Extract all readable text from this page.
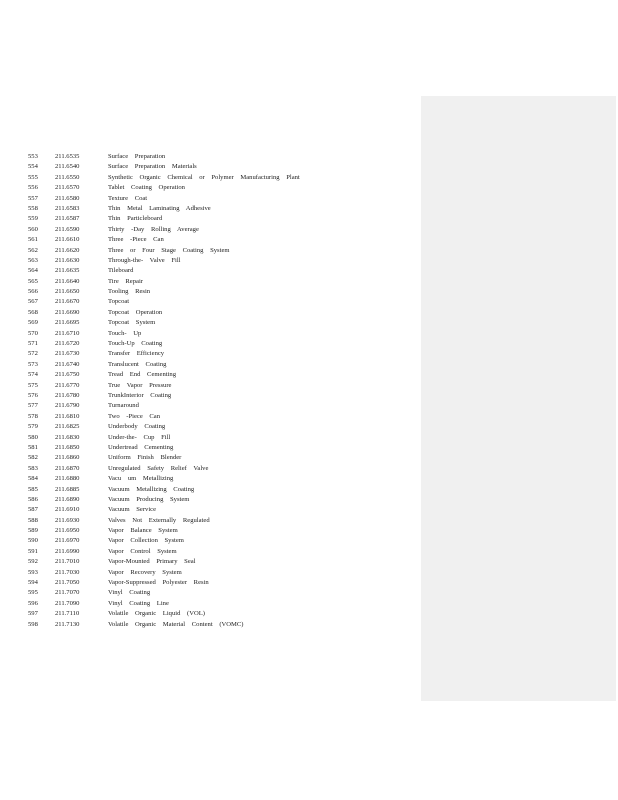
553	211.6535	Surface Preparation
554	211.6540	Surface Preparation Materials
555	211.6550	Synthetic Organic Chemical or Polymer Manufacturing Plant
556	211.6570	Tablet Coating Operation
557	211.6580	Texture Coat
558	211.6583	Thin Metal Laminating Adhesive
559	211.6587	Thin Particleboard
560	211.6590	Thirty -Day Rolling Average
561	211.6610	Three -Piece Can
562	211.6620	Three or Four Stage Coating System
563	211.6630	Through-the- Valve Fill
564	211.6635	Tileboard
565	211.6640	Tire Repair
566	211.6650	Tooling Resin
567	211.6670	Topcoat
568	211.6690	Topcoat Operation
569	211.6695	Topcoat System
570	211.6710	Touch- Up
571	211.6720	Touch-Up Coating
572	211.6730	Transfer Efficiency
573	211.6740	Translucent Coating
574	211.6750	Tread End Cementing
575	211.6770	True Vapor Pressure
576	211.6780	TrunkInterior Coating
577	211.6790	Turnaround
578	211.6810	Two -Piece Can
579	211.6825	Underbody Coating
580	211.6830	Under-the- Cup Fill
581	211.6850	Undertread Cementing
582	211.6860	Uniform Finish Blender
583	211.6870	Unregulated Safety Relief Valve
584	211.6880	Vacu um Metallizing
585	211.6885	Vacuum Metallizing Coating
586	211.6890	Vacuum Producing System
587	211.6910	Vacuum Service
588	211.6930	Valves Not Externally Regulated
589	211.6950	Vapor Balance System
590	211.6970	Vapor Collection System
591	211.6990	Vapor Control System
592	211.7010	Vapor-Mounted Primary Seal
593	211.7030	Vapor Recovery System
594	211.7050	Vapor-Suppressed Polyester Resin
595	211.7070	Vinyl Coating
596	211.7090	Vinyl Coating Line
597	211.7110	Volatile Organic Liquid (VOL)
598	211.7130	Volatile Organic Material Content (VOMC)
